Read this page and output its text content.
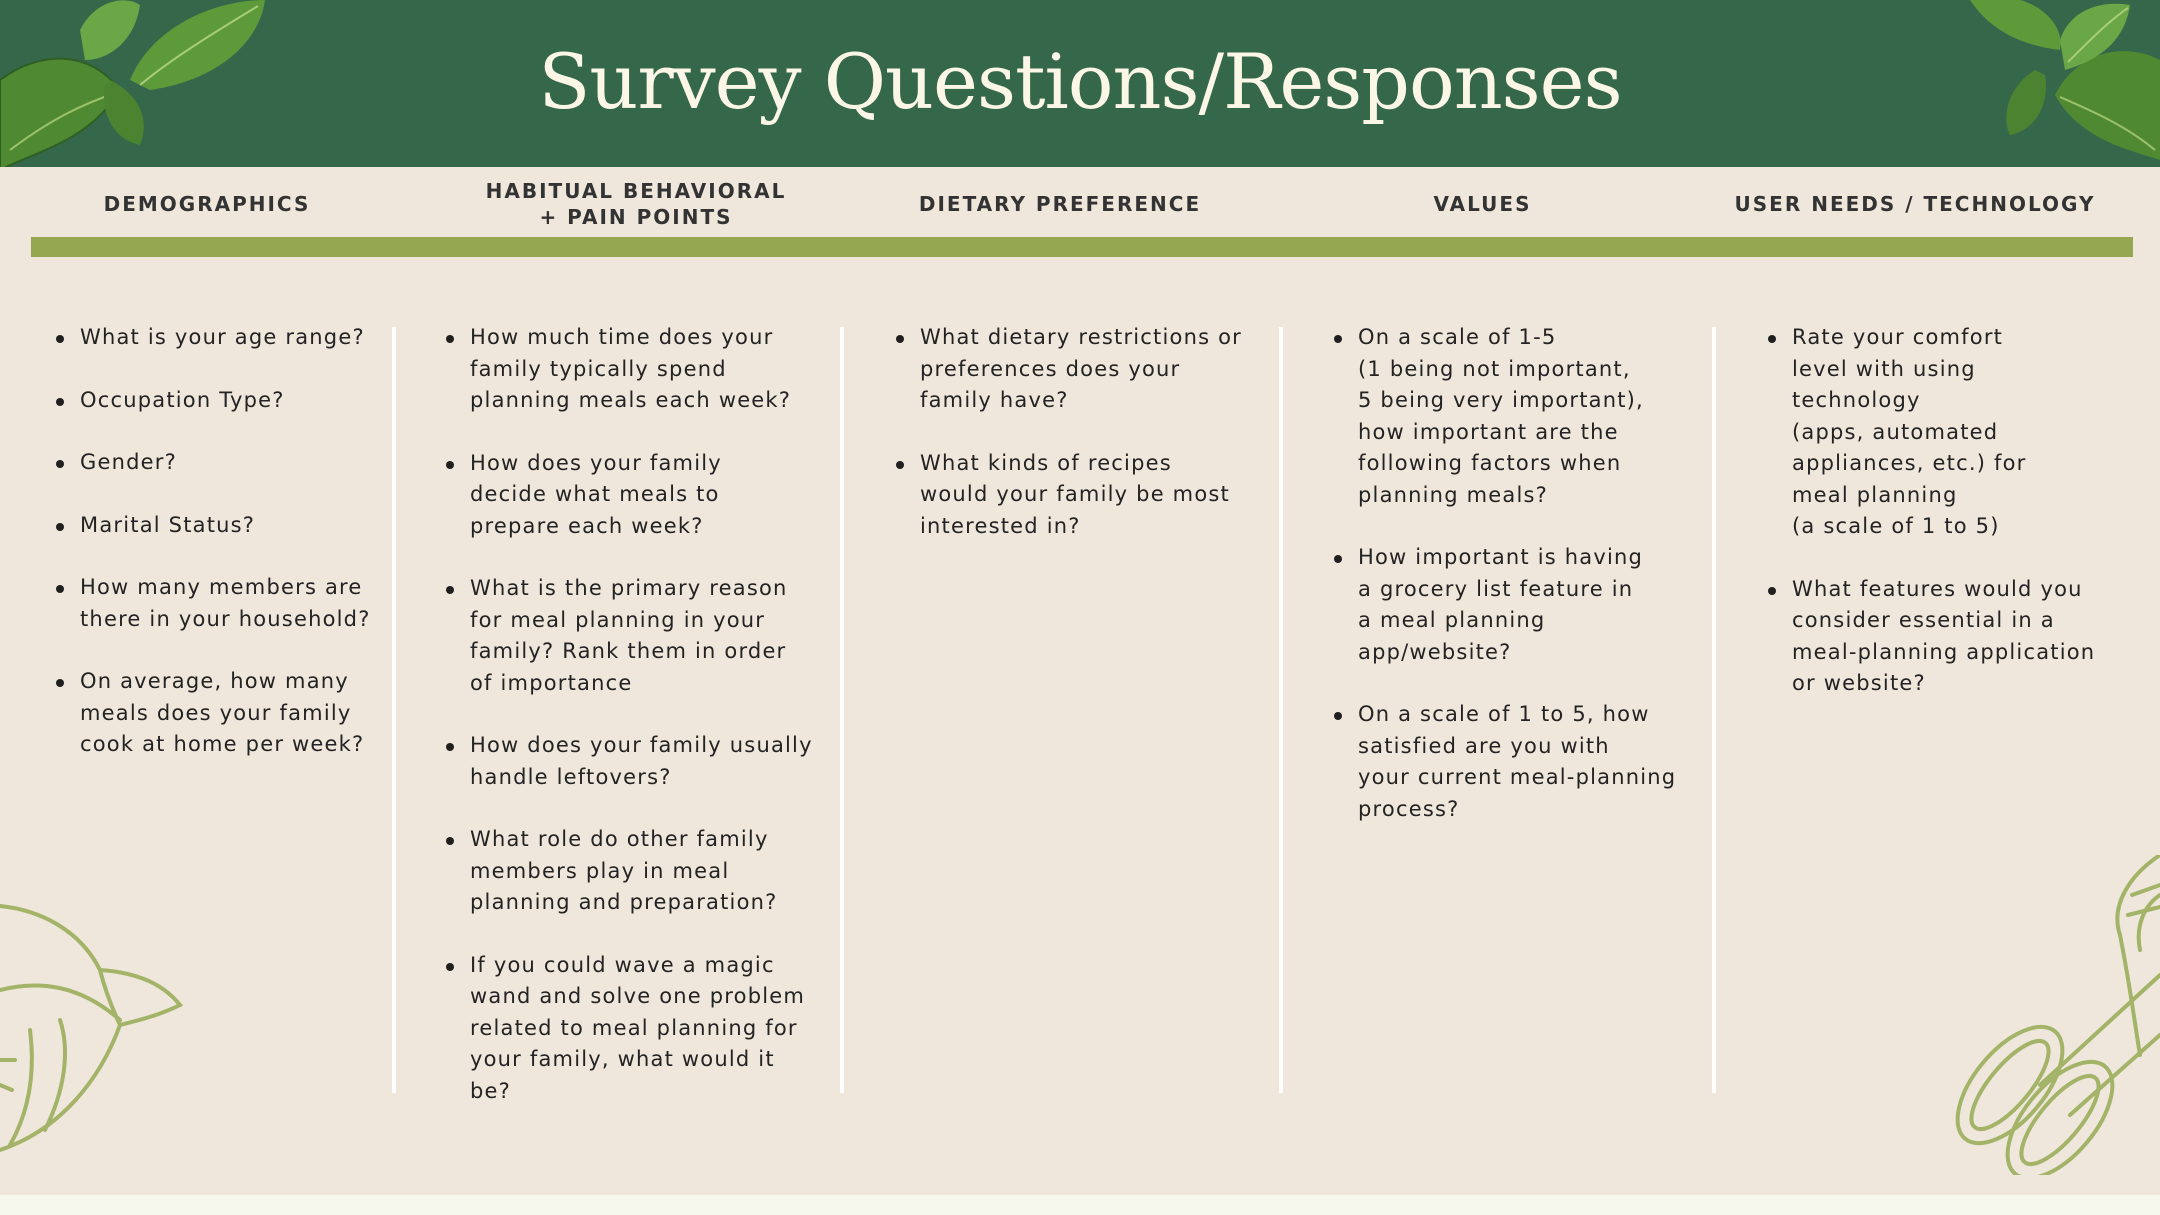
Survey Questions/Responses
DEMOGRAPHICS
HABITUAL BEHAVIORAL
+ PAIN POINTS
DIETARY PREFERENCE	VALUES	USER NEEDS / TECHNOLOGY
What is your age range?
Occupation Type?
Gender?
Marital Status?
How many members are
there in your household?
On average, how many
meals does your family
cook at home per week?
How much time does your
family typically spend
planning meals each week?
How does your family
decide what meals to
prepare each week?
What is the primary reason
for meal planning in your
family? Rank them in order
of importance
How does your family usually
handle leftovers?
What role do other family
members play in meal
planning and preparation?
If you could wave a magic
wand and solve one problem
related to meal planning for
your family, what would it
be?
What dietary restrictions or
preferences does your
family have?
What kinds of recipes
would your family be most
interested in?
On a scale of 1-5
(1 being not important,
5 being very important),
how important are the
following factors when
planning meals?
How important is having
a grocery list feature in
a meal planning
app/website?
On a scale of 1 to 5, how
satisfied are you with
your current meal-planning
process?
Rate your comfort
level with using
technology
(apps, automated
appliances, etc.) for
meal planning
(a scale of 1 to 5)
What features would you
consider essential in a
meal-planning application
or website?
